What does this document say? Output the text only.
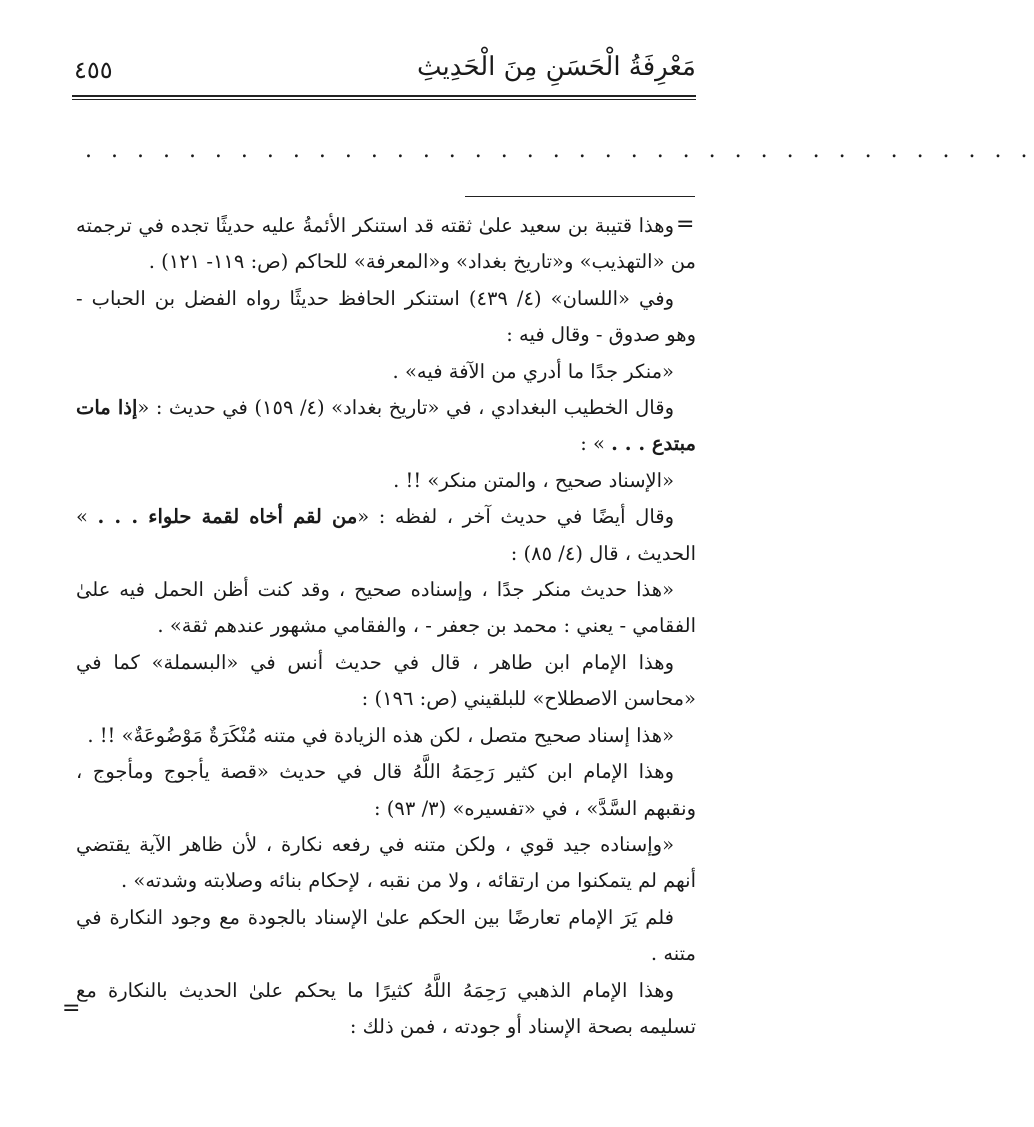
مَعْرِفَةُ الْحَسَنِ مِنَ الْحَدِيثِ
٤٥٥
. . . . . . . . . . . . . . . . . . . . . . . . . . . . . . . . . . . . .
=
=

وهذا قتيبة بن سعيد علىٰ ثقته قد استنكر الأئمةُ عليه حديثًا تجده في ترجمته من «التهذيب» و«تاريخ بغداد» و«المعرفة» للحاكم (ص: ١١٩- ١٢١) .

وفي «اللسان» (٤/ ٤٣٩) استنكر الحافظ حديثًا رواه الفضل بن الحباب - وهو صدوق - وقال فيه :

«منكر جدًا ما أدري من الآفة فيه» .

وقال الخطيب البغدادي ، في «تاريخ بغداد» (٤/ ١٥٩) في حديث : «إذا مات مبتدع . . . » :

«الإسناد صحيح ، والمتن منكر» !! .

وقال أيضًا في حديث آخر ، لفظه : «من لقم أخاه لقمة حلواء . . . » الحديث ، قال (٤/ ٨٥) :

«هذا حديث منكر جدًا ، وإسناده صحيح ، وقد كنت أظن الحمل فيه علىٰ الفقامي - يعني : محمد بن جعفر - ، والفقامي مشهور عندهم ثقة» .

وهذا الإمام ابن طاهر ، قال في حديث أنس في «البسملة» كما في «محاسن الاصطلاح» للبلقيني (ص: ١٩٦) :

«هذا إسناد صحيح متصل ، لكن هذه الزيادة في متنه مُنْكَرَةٌ مَوْضُوعَةٌ» !! .

وهذا الإمام ابن كثير رَحِمَهُ اللَّهُ قال في حديث «قصة يأجوج ومأجوج ، ونقبهم السَّدَّ» ، في «تفسيره» (٣/ ٩٣) :

«وإسناده جيد قوي ، ولكن متنه في رفعه نكارة ، لأن ظاهر الآية يقتضي أنهم لم يتمكنوا من ارتقائه ، ولا من نقبه ، لإحكام بنائه وصلابته وشدته» .

فلم يَرَ الإمام تعارضًا بين الحكم علىٰ الإسناد بالجودة مع وجود النكارة في متنه .

وهذا الإمام الذهبي رَحِمَهُ اللَّهُ كثيرًا ما يحكم علىٰ الحديث بالنكارة مع تسليمه بصحة الإسناد أو جودته ، فمن ذلك :
